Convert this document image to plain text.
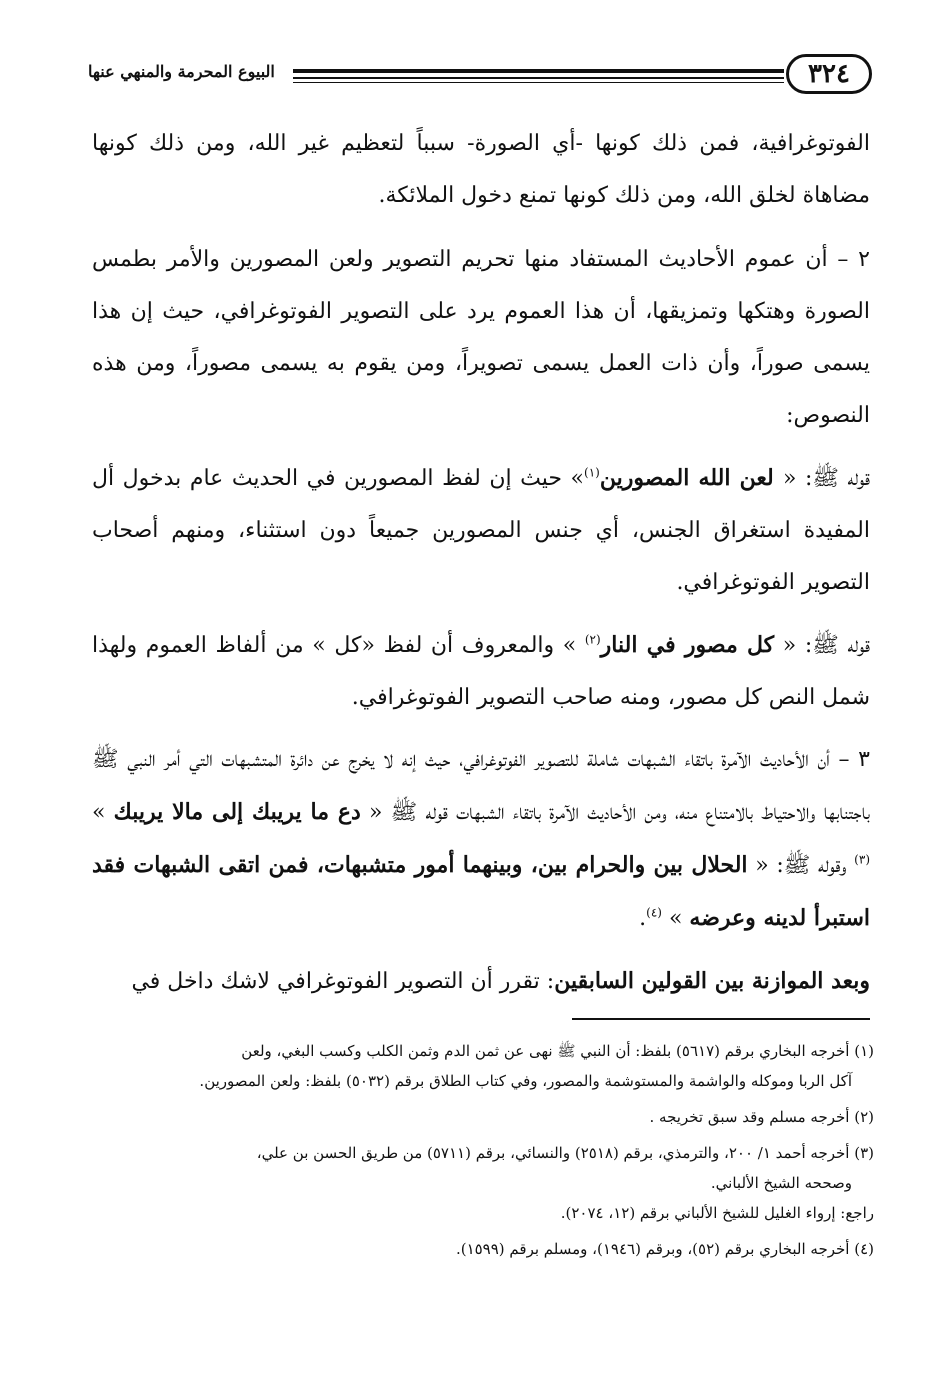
٣٢٤
البيوع المحرمة والمنهي عنها

الفوتوغرافية، فمن ذلك كونها -أي الصورة- سبباً لتعظيم غير الله، ومن ذلك كونها مضاهاة لخلق الله، ومن ذلك كونها تمنع دخول الملائكة.

٢ – أن عموم الأحاديث المستفاد منها تحريم التصوير ولعن المصورين والأمر بطمس الصورة وهتكها وتمزيقها، أن هذا العموم يرد على التصوير الفوتوغرافي، حيث إن هذا يسمى صوراً، وأن ذات العمل يسمى تصويراً، ومن يقوم به يسمى مصوراً، ومن هذه النصوص:

قوله ﷺ: « لعن الله المصورين$^{(١)}$» حيث إن لفظ المصورين في الحديث عام بدخول أل المفيدة استغراق الجنس، أي جنس المصورين جميعاً دون استثناء، ومنهم أصحاب التصوير الفوتوغرافي.

قوله ﷺ: « كل مصور في النار$^{(٢)}$ » والمعروف أن لفظ «كل » من ألفاظ العموم ولهذا شمل النص كل مصور، ومنه صاحب التصوير الفوتوغرافي.

٣ – أن الأحاديث الآمرة باتقاء الشبهات شاملة للتصوير الفوتوغرافي، حيث إنه لا يخرج عن دائرة المتشبهات التي أمر النبي ﷺ باجتنابها والاحتياط بالامتناع منه، ومن الأحاديث الآمرة باتقاء الشبهات قوله ﷺ « دع ما يريبك إلى مالا يريبك » $^{(٣)}$ وقوله ﷺ: « الحلال بين والحرام بين، وبينهما أمور متشبهات، فمن اتقى الشبهات فقد استبرأ لدينه وعرضه » $^{(٤)}$.

وبعد الموازنة بين القولين السابقين: تقرر أن التصوير الفوتوغرافي لاشك داخل في

(١) أخرجه البخاري برقم (٥٦١٧) بلفظ: أن النبي ﷺ نهى عن ثمن الدم وثمن الكلب وكسب البغي، ولعن
آكل الربا وموكله والواشمة والمستوشمة والمصور، وفي كتاب الطلاق برقم (٥٠٣٢) بلفظ: ولعن المصورين.
(٢) أخرجه مسلم وقد سبق تخريجه .
(٣) أخرجه أحمد ١/ ٢٠٠، والترمذي، برقم (٢٥١٨) والنسائي، برقم (٥٧١١) من طريق الحسن بن علي،
وصححه الشيخ الألباني.
راجع: إرواء الغليل للشيخ الألباني برقم (١٢، ٢٠٧٤).
(٤) أخرجه البخاري برقم (٥٢)، وبرقم (١٩٤٦)، ومسلم برقم (١٥٩٩).
